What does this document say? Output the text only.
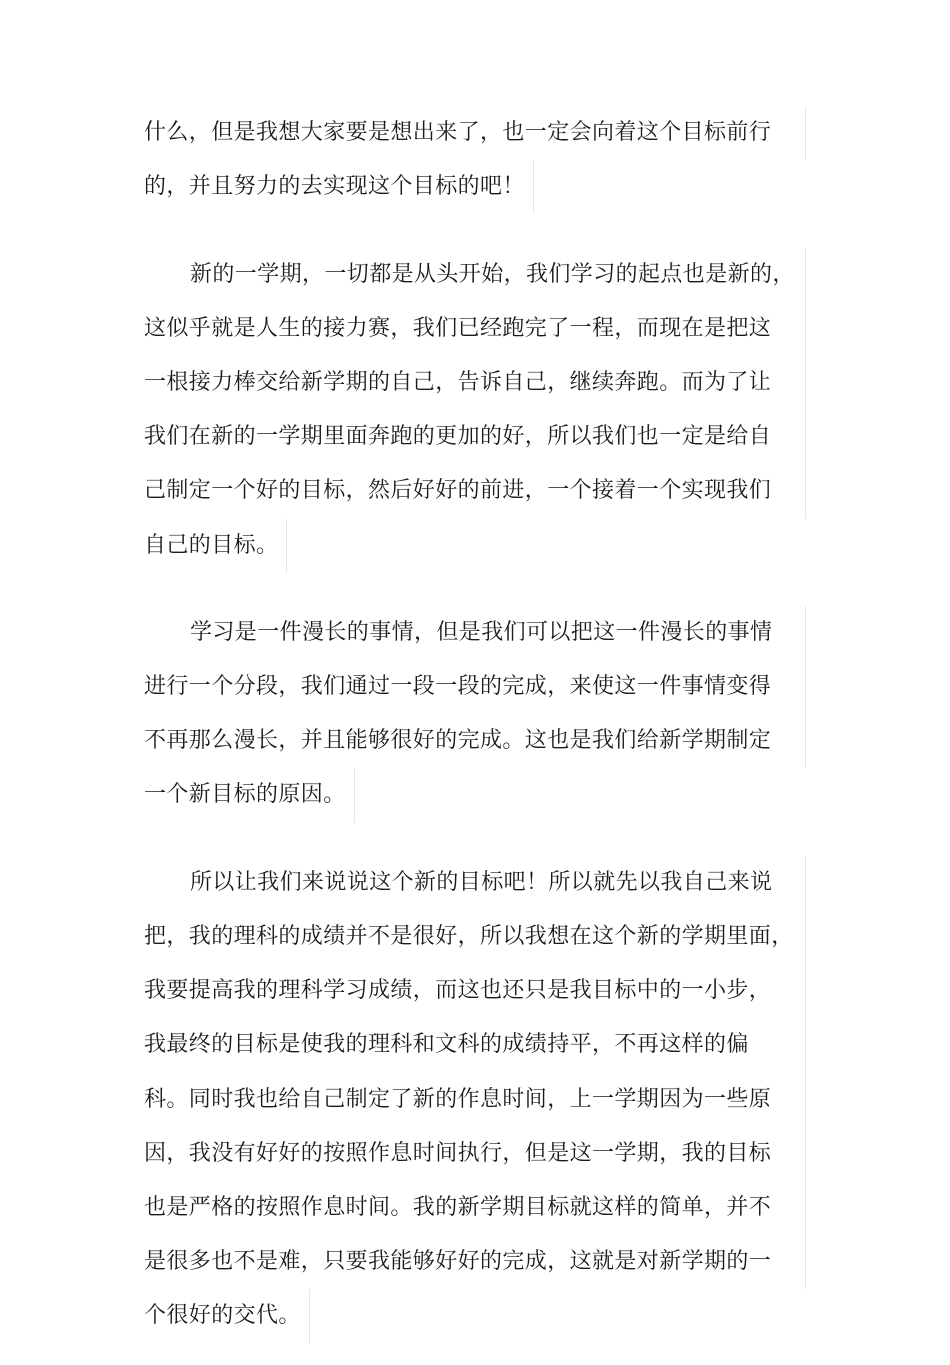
什么，但是我想大家要是想出来了，也一定会向着这个目标前行
的，并且努力的去实现这个目标的吧！

新的一学期，一切都是从头开始，我们学习的起点也是新的，
这似乎就是人生的接力赛，我们已经跑完了一程，而现在是把这
一根接力棒交给新学期的自己，告诉自己，继续奔跑。而为了让
我们在新的一学期里面奔跑的更加的好，所以我们也一定是给自
己制定一个好的目标，然后好好的前进，一个接着一个实现我们
自己的目标。

学习是一件漫长的事情，但是我们可以把这一件漫长的事情
进行一个分段，我们通过一段一段的完成，来使这一件事情变得
不再那么漫长，并且能够很好的完成。这也是我们给新学期制定
一个新目标的原因。

所以让我们来说说这个新的目标吧！所以就先以我自己来说
把，我的理科的成绩并不是很好，所以我想在这个新的学期里面，
我要提高我的理科学习成绩，而这也还只是我目标中的一小步，
我最终的目标是使我的理科和文科的成绩持平，不再这样的偏
科。同时我也给自己制定了新的作息时间，上一学期因为一些原
因，我没有好好的按照作息时间执行，但是这一学期，我的目标
也是严格的按照作息时间。我的新学期目标就这样的简单，并不
是很多也不是难，只要我能够好好的完成，这就是对新学期的一
个很好的交代。
